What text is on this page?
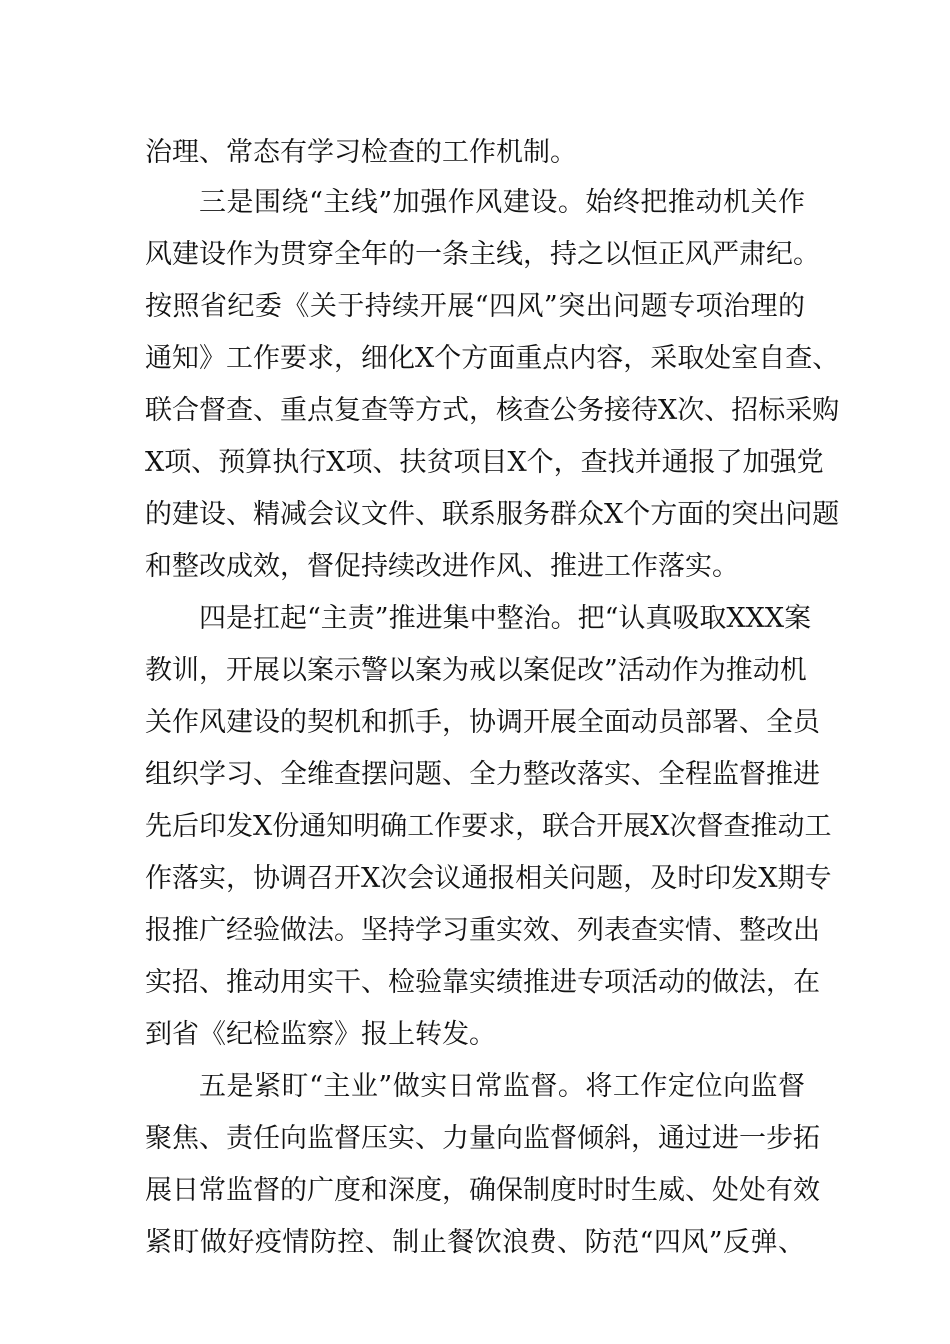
治理、常态有学习检查的工作机制。
三是围绕“主线”加强作风建设。始终把推动机关作
风建设作为贯穿全年的一条主线，持之以恒正风严肃纪。
按照省纪委《关于持续开展“四风”突出问题专项治理的
通知》工作要求，细化X个方面重点内容，采取处室自查、
联合督查、重点复查等方式，核查公务接待X次、招标采购
X项、预算执行X项、扶贫项目X个，查找并通报了加强党
的建设、精减会议文件、联系服务群众X个方面的突出问题
和整改成效，督促持续改进作风、推进工作落实。
四是扛起“主责”推进集中整治。把“认真吸取XXX案
教训，开展以案示警以案为戒以案促改”活动作为推动机
关作风建设的契机和抓手，协调开展全面动员部署、全员
组织学习、全维查摆问题、全力整改落实、全程监督推进
先后印发X份通知明确工作要求，联合开展X次督查推动工
作落实，协调召开X次会议通报相关问题，及时印发X期专
报推广经验做法。坚持学习重实效、列表查实情、整改出
实招、推动用实干、检验靠实绩推进专项活动的做法，在
到省《纪检监察》报上转发。
五是紧盯“主业”做实日常监督。将工作定位向监督
聚焦、责任向监督压实、力量向监督倾斜，通过进一步拓
展日常监督的广度和深度，确保制度时时生威、处处有效
紧盯做好疫情防控、制止餐饮浪费、防范“四风”反弹、
